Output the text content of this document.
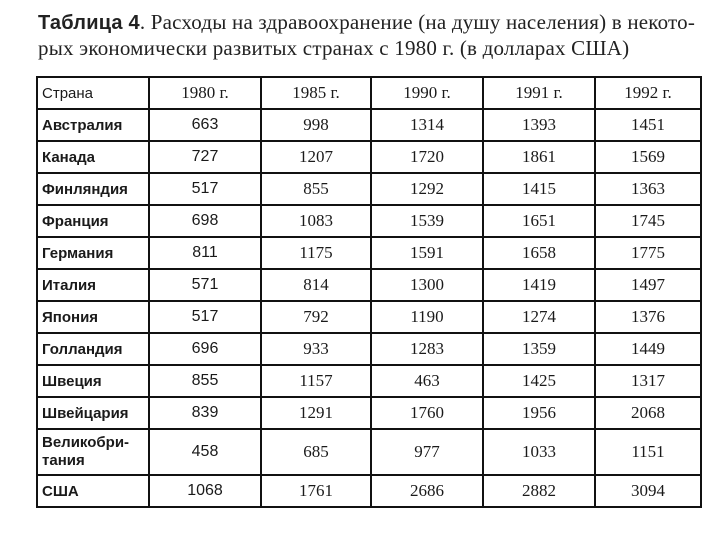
Таблица 4. Расходы на здравоохранение (на душу населения) в некото-
рых экономически развитых странах с 1980 г. (в долларах США)
Страна	1980 г.	1985 г.	1990 г.	1991 г.	1992 г.
Австралия	663	998	1314	1393	1451
Канада	727	1207	1720	1861	1569
Финляндия	517	855	1292	1415	1363
Франция	698	1083	1539	1651	1745
Германия	811	1175	1591	1658	1775
Италия	571	814	1300	1419	1497
Япония	517	792	1190	1274	1376
Голландия	696	933	1283	1359	1449
Швеция	855	1157	463	1425	1317
Швейцария	839	1291	1760	1956	2068
Великобри-
тания	458	685	977	1033	1151
США	1068	1761	2686	2882	3094
